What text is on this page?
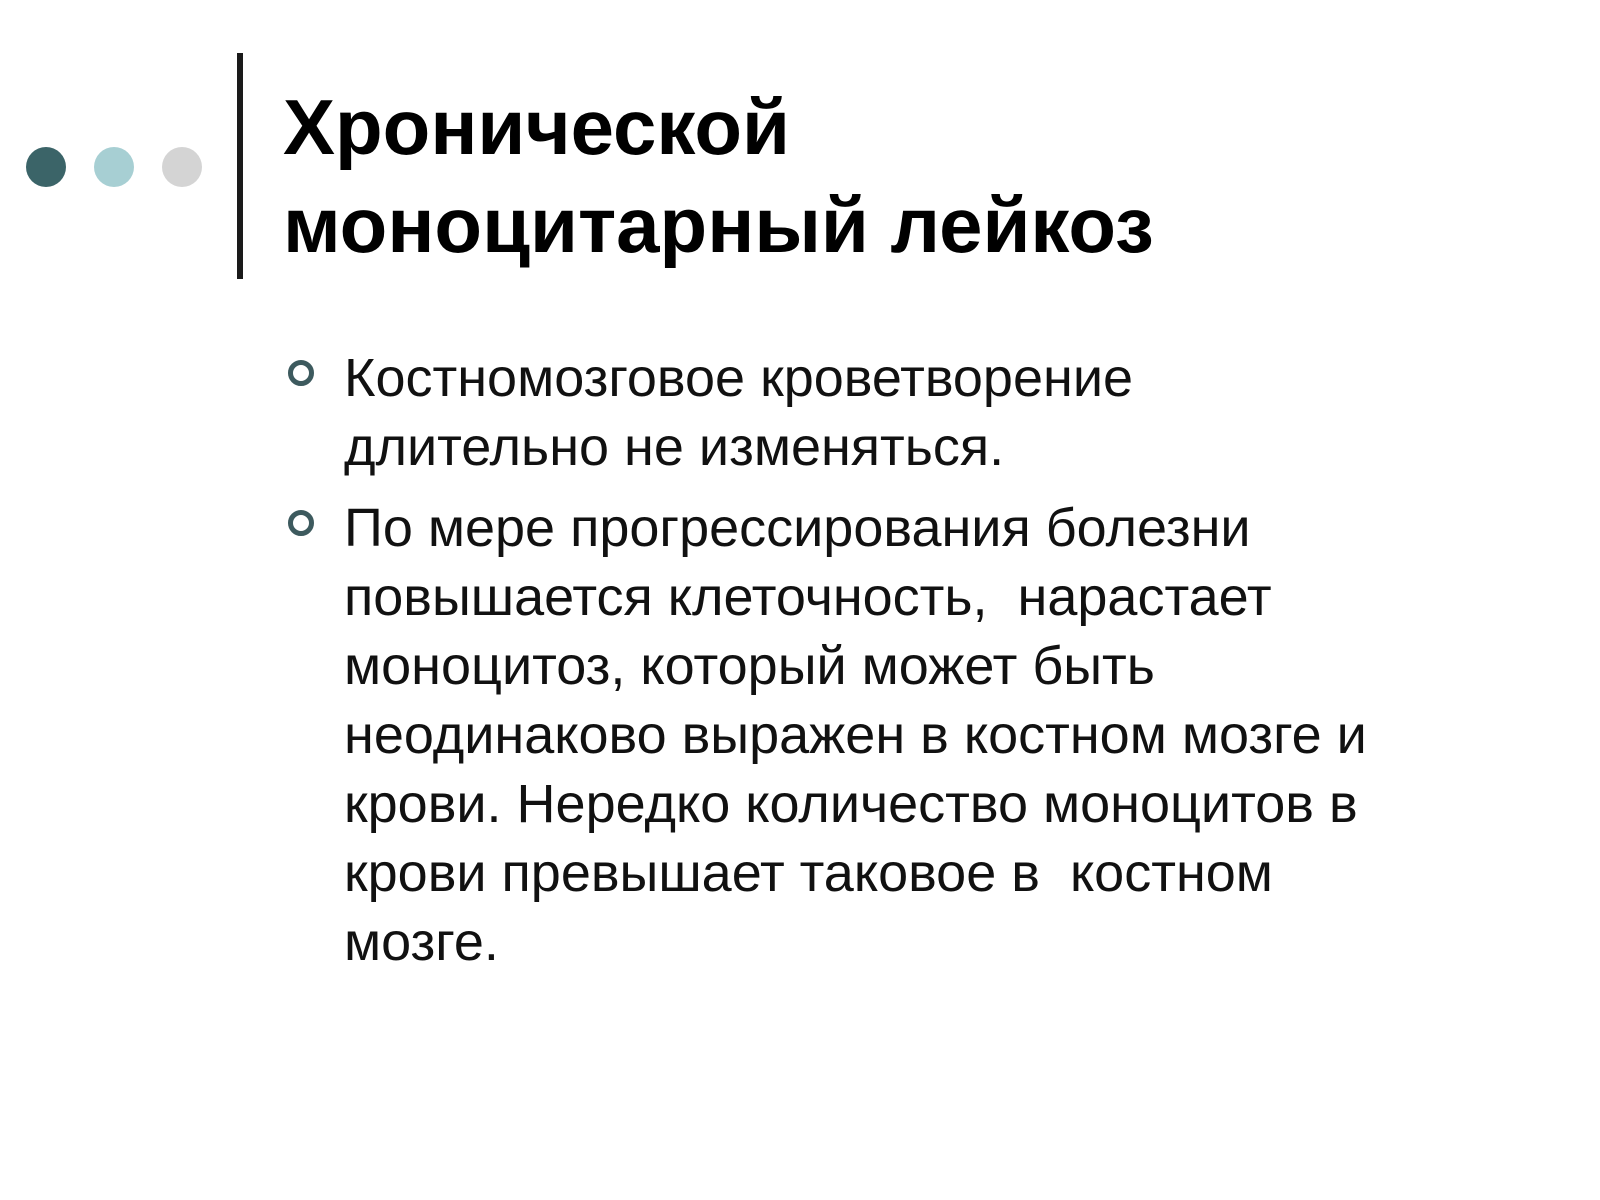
Хронической
моноцитарный лейкоз
Костномозговое кроветворение
длительно не изменяться.
По мере прогрессирования болезни
повышается клеточность,  нарастает
моноцитоз, который может быть
неодинаково выражен в костном мозге и
крови. Нередко количество моноцитов в
крови превышает таковое в  костном
мозге.
